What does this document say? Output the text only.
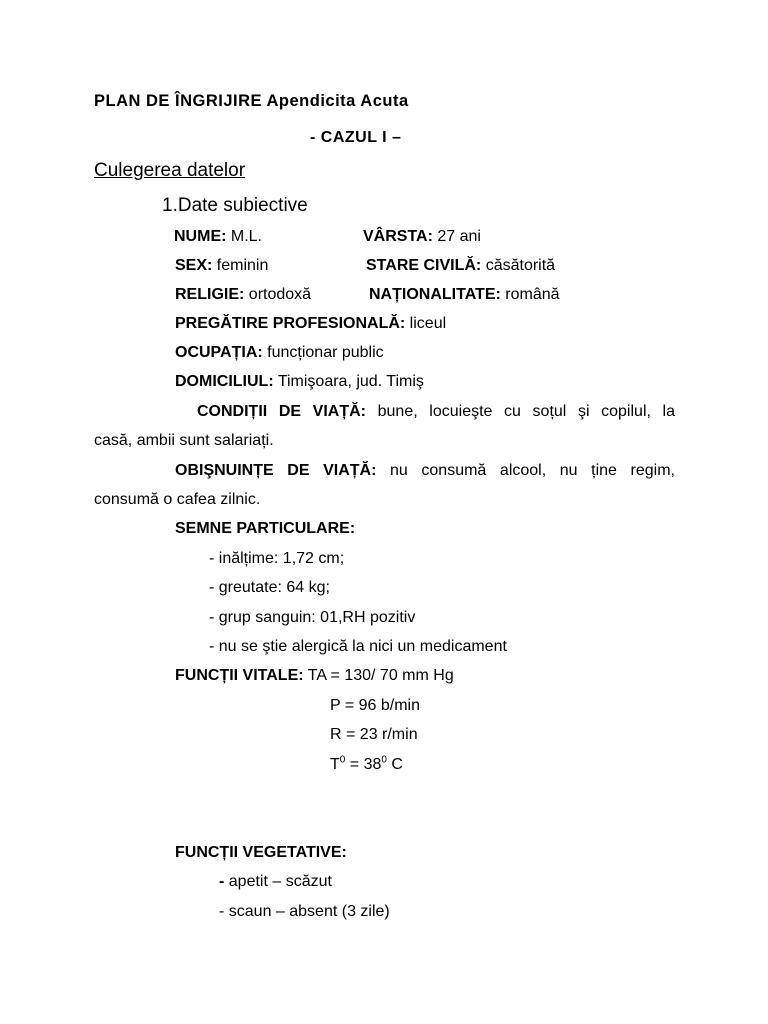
PLAN DE ÎNGRIJIRE Apendicita Acuta
- CAZUL I –
Culegerea datelor
1.Date subiective
NUME: M.L.	VÂRSTA: 27 ani
SEX: feminin	STARE CIVILĂ: căsătorită
RELIGIE: ortodoxă	NAȚIONALITATE: română
PREGĂTIRE PROFESIONALĂ: liceul
OCUPAȚIA: funcționar public
DOMICILIUL: Timişoara, jud. Timiş
CONDIȚII DE VIAȚĂ: bune, locuieşte cu soțul şi copilul, la
casă, ambii sunt salariați.
OBIŞNUINȚE DE VIAȚĂ: nu consumă alcool, nu ține regim,
consumă o cafea zilnic.
SEMNE PARTICULARE:
- inălțime: 1,72 cm;
- greutate: 64 kg;
- grup sanguin: 01,RH pozitiv
- nu se ştie alergică la nici un medicament
FUNCȚII VITALE: TA = 130/ 70 mm Hg
P = 96 b/min
R = 23 r/min
$T^0 = 38^0$ C
FUNCȚII VEGETATIVE:
- apetit – scăzut
- scaun – absent (3 zile)
